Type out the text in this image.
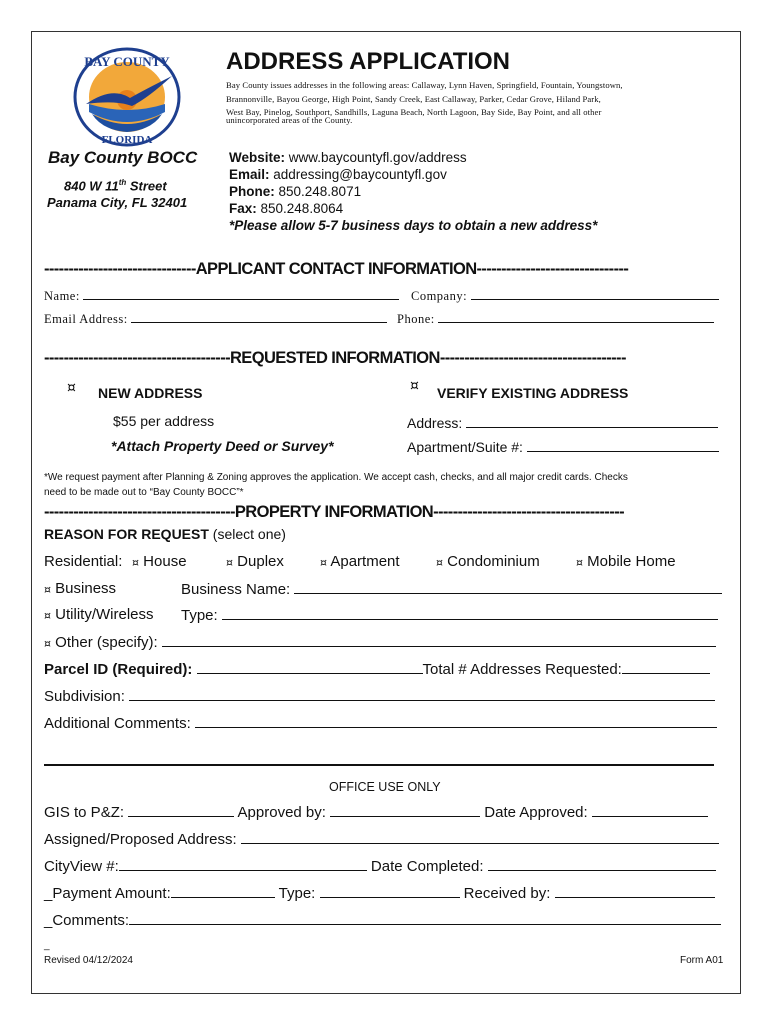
BAY COUNTY
FLORIDA
ADDRESS APPLICATION
Bay County issues addresses in the following areas: Callaway, Lynn Haven, Springfield, Fountain, Youngstown,
Brannonville, Bayou George, High Point, Sandy Creek, East Callaway, Parker, Cedar Grove, Hiland Park,
West Bay, Pinelog, Southport, Sandhills, Laguna Beach, North Lagoon, Bay Side, Bay Point, and all other
unincorporated areas of the County.
Bay County BOCC
840 W 11th Street
Panama City, FL 32401
Website: www.baycountyfl.gov/address
Email: addressing@baycountyfl.gov
Phone: 850.248.8071
Fax: 850.248.8064
*Please allow 5-7 business days to obtain a new address*
-------------------------------APPLICANT CONTACT INFORMATION-------------------------------
Name:	Company:
Email Address:	Phone:
--------------------------------------REQUESTED INFORMATION--------------------------------------
¤ NEW ADDRESS
$55 per address
*Attach Property Deed or Survey*
¤ VERIFY EXISTING ADDRESS
Address:
Apartment/Suite #:
*We request payment after Planning & Zoning approves the application. We accept cash, checks, and all major credit cards. Checks
need to be made out to “Bay County BOCC”*
---------------------------------------PROPERTY INFORMATION---------------------------------------
REASON FOR REQUEST (select one)
Residential: ¤ House	¤ Duplex	¤ Apartment	¤ Condominium	¤ Mobile Home
¤ Business	Business Name:
¤ Utility/Wireless Type:
¤ Other (specify):
Parcel ID (Required):	Total # Addresses Requested:
Subdivision:
Additional Comments:
OFFICE USE ONLY
GIS to P&Z:	Approved by:	Date Approved:
Assigned/Proposed Address:
CityView #:	Date Completed:
_Payment Amount:	Type:	Received by:
_Comments:
_
Revised 04/12/2024	Form A01
